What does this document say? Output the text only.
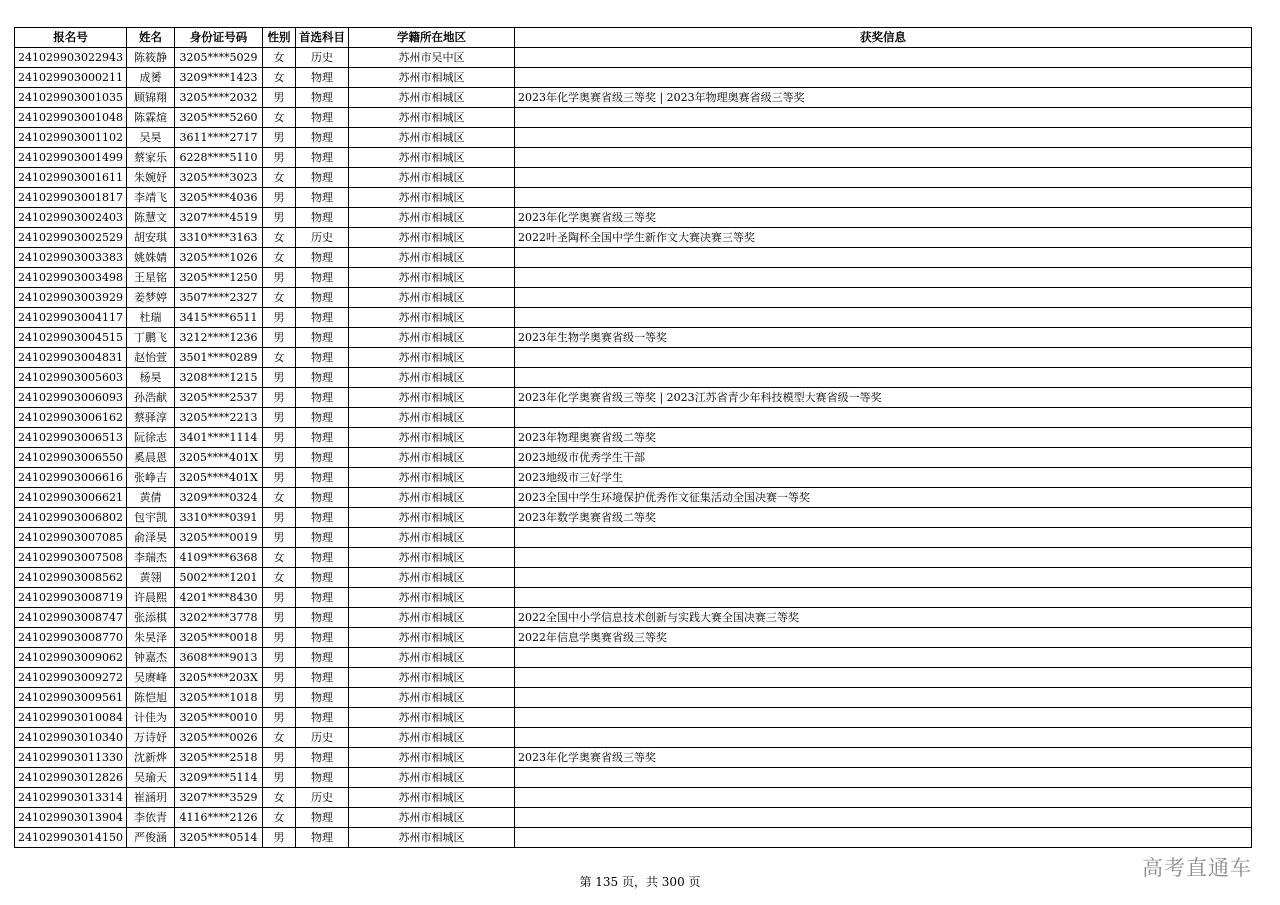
报名号	姓名	身份证号码	性别	首选科目	学籍所在地区	获奖信息
241029903022943	陈筱静	3205****5029	女	历史	苏州市吴中区	
241029903000211	成赟	3209****1423	女	物理	苏州市相城区	
241029903001035	顾锦翔	3205****2032	男	物理	苏州市相城区	2023年化学奥赛省级三等奖 | 2023年物理奥赛省级三等奖
241029903001048	陈霖煊	3205****5260	女	物理	苏州市相城区	
241029903001102	吴昊	3611****2717	男	物理	苏州市相城区	
241029903001499	蔡家乐	6228****5110	男	物理	苏州市相城区	
241029903001611	朱婉妤	3205****3023	女	物理	苏州市相城区	
241029903001817	李靖飞	3205****4036	男	物理	苏州市相城区	
241029903002403	陈慧文	3207****4519	男	物理	苏州市相城区	2023年化学奥赛省级三等奖
241029903002529	胡安琪	3310****3163	女	历史	苏州市相城区	2022叶圣陶杯全国中学生新作文大赛决赛三等奖
241029903003383	姚姝婧	3205****1026	女	物理	苏州市相城区	
241029903003498	王星铭	3205****1250	男	物理	苏州市相城区	
241029903003929	姜梦婷	3507****2327	女	物理	苏州市相城区	
241029903004117	杜瑞	3415****6511	男	物理	苏州市相城区	
241029903004515	丁鹏飞	3212****1236	男	物理	苏州市相城区	2023年生物学奥赛省级一等奖
241029903004831	赵怡萱	3501****0289	女	物理	苏州市相城区	
241029903005603	杨昊	3208****1215	男	物理	苏州市相城区	
241029903006093	孙浩献	3205****2537	男	物理	苏州市相城区	2023年化学奥赛省级三等奖 | 2023江苏省青少年科技模型大赛省级一等奖
241029903006162	蔡驿淳	3205****2213	男	物理	苏州市相城区	
241029903006513	阮徐志	3401****1114	男	物理	苏州市相城区	2023年物理奥赛省级二等奖
241029903006550	奚晨恩	3205****401X	男	物理	苏州市相城区	2023地级市优秀学生干部
241029903006616	张峥吉	3205****401X	男	物理	苏州市相城区	2023地级市三好学生
241029903006621	黄倩	3209****0324	女	物理	苏州市相城区	2023全国中学生环境保护优秀作文征集活动全国决赛一等奖
241029903006802	包宇凯	3310****0391	男	物理	苏州市相城区	2023年数学奥赛省级二等奖
241029903007085	俞泽昊	3205****0019	男	物理	苏州市相城区	
241029903007508	李瑞杰	4109****6368	女	物理	苏州市相城区	
241029903008562	黄翎	5002****1201	女	物理	苏州市相城区	
241029903008719	许晨熙	4201****8430	男	物理	苏州市相城区	
241029903008747	张添棋	3202****3778	男	物理	苏州市相城区	2022全国中小学信息技术创新与实践大赛全国决赛三等奖
241029903008770	朱昊泽	3205****0018	男	物理	苏州市相城区	2022年信息学奥赛省级三等奖
241029903009062	钟嘉杰	3608****9013	男	物理	苏州市相城区	
241029903009272	吴赓峰	3205****203X	男	物理	苏州市相城区	
241029903009561	陈恺旭	3205****1018	男	物理	苏州市相城区	
241029903010084	计佳为	3205****0010	男	物理	苏州市相城区	
241029903010340	万诗妤	3205****0026	女	历史	苏州市相城区	
241029903011330	沈新烨	3205****2518	男	物理	苏州市相城区	2023年化学奥赛省级三等奖
241029903012826	吴瑜天	3209****5114	男	物理	苏州市相城区	
241029903013314	崔涵玥	3207****3529	女	历史	苏州市相城区	
241029903013904	李依青	4116****2126	女	物理	苏州市相城区	
241029903014150	严俊涵	3205****0514	男	物理	苏州市相城区	
第 135 页，共 300 页
高考直通车
